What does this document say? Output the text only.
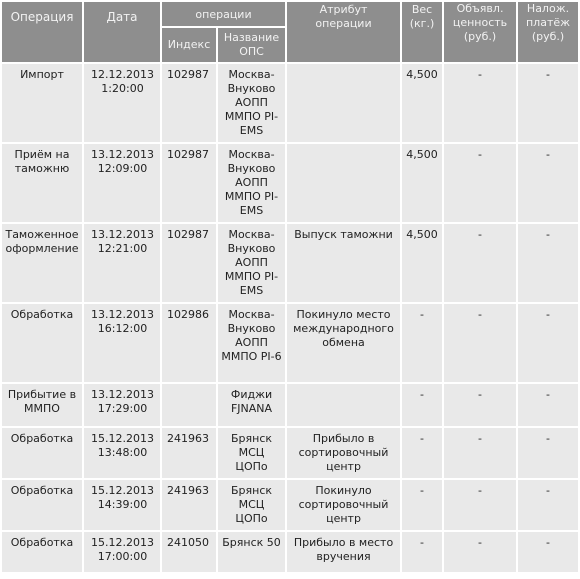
Операция	Дата	операции		Атрибут операции	Вес (кг.)	Объявл. ценность (руб.)	Налож. платёж (руб.)
		Индекс	Название ОПС				
Импорт	12.12.2013 1:20:00	102987	Москва-Внуково АОПП ММПО PI-EMS		4,500	-	-
Приём на таможню	13.12.2013 12:09:00	102987	Москва-Внуково АОПП ММПО PI-EMS		4,500	-	-
Таможенное оформление	13.12.2013 12:21:00	102987	Москва-Внуково АОПП ММПО PI-EMS	Выпуск таможни	4,500	-	-
Обработка	13.12.2013 16:12:00	102986	Москва-Внуково АОПП ММПО PI-6	Покинуло место международного обмена	-	-	-
Прибытие в ММПО	13.12.2013 17:29:00		Фиджи FJNANA		-	-	-
Обработка	15.12.2013 13:48:00	241963	Брянск МСЦ ЦОПо	Прибыло в сортировочный центр	-	-	-
Обработка	15.12.2013 14:39:00	241963	Брянск МСЦ ЦОПо	Покинуло сортировочный центр	-	-	-
Обработка	15.12.2013 17:00:00	241050	Брянск 50	Прибыло в место вручения	-	-	-
